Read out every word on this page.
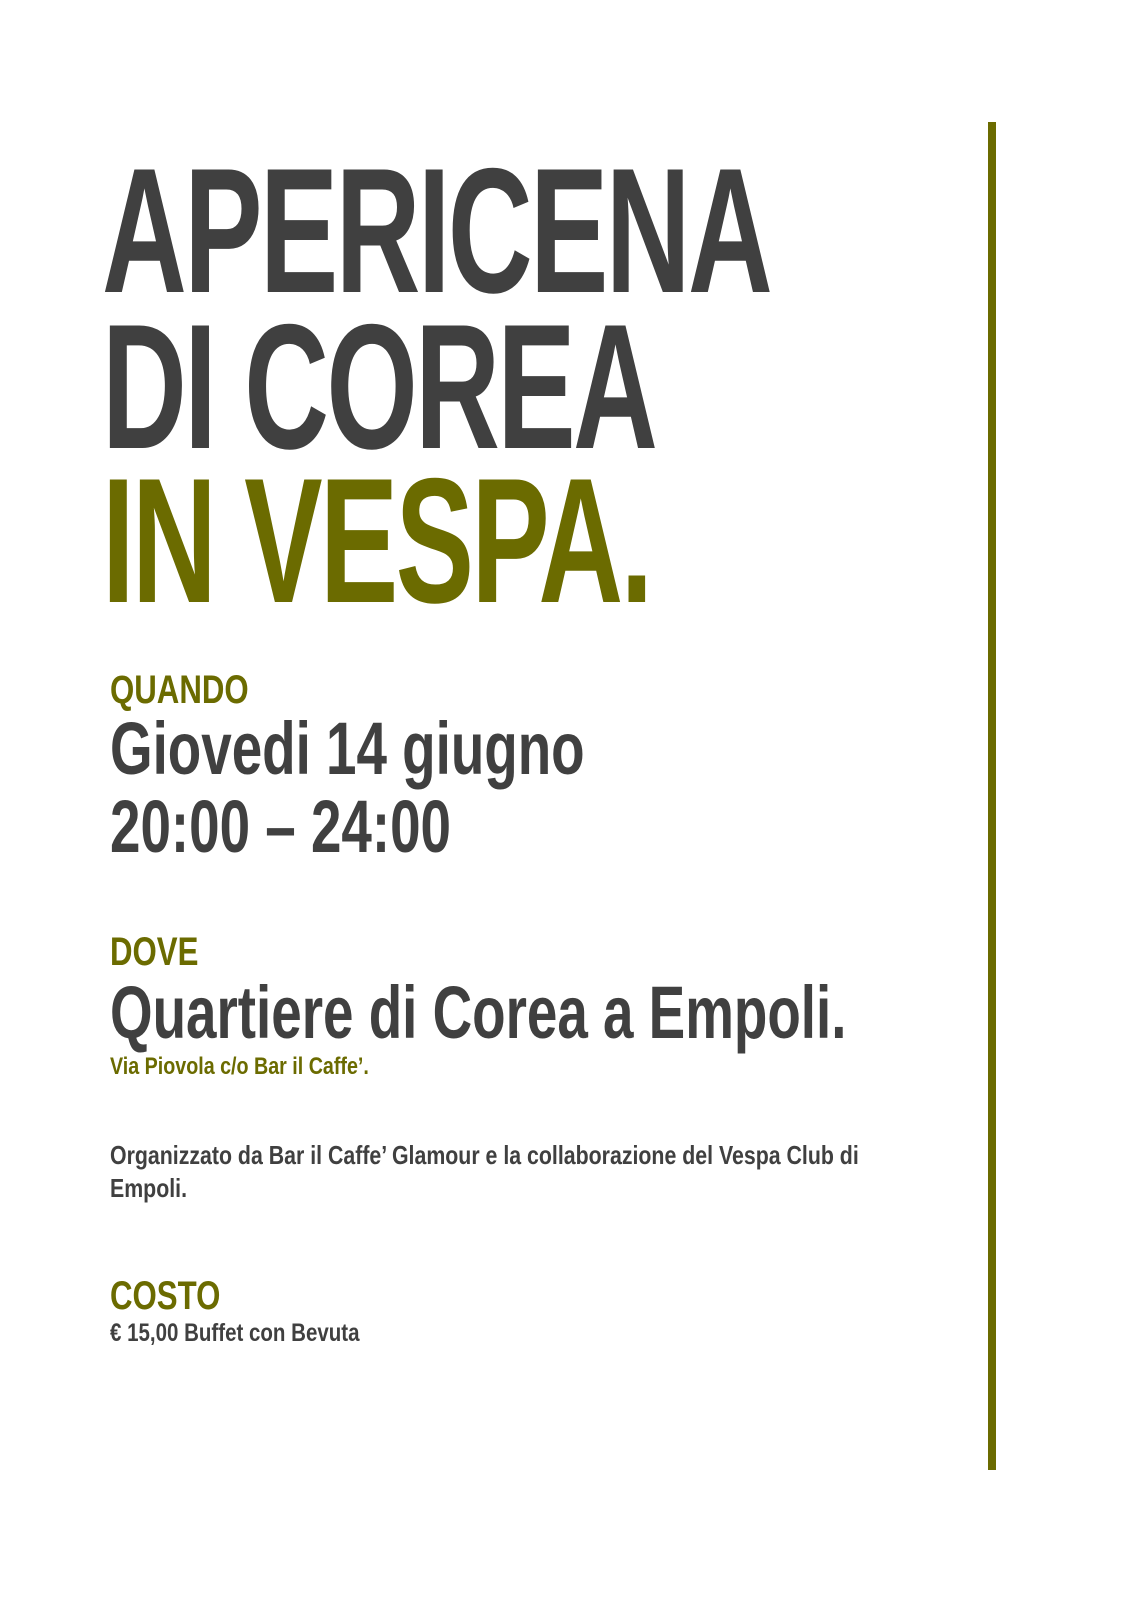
APERICENA
DI COREA
IN VESPA.
QUANDO
Giovedi 14 giugno
20:00 – 24:00
DOVE
Quartiere di Corea a Empoli.
Via Piovola c/o Bar il Caffe’.

Organizzato da Bar il Caffe’ Glamour e la collaborazione del Vespa Club di Empoli.

COSTO
€ 15,00 Buffet con Bevuta
